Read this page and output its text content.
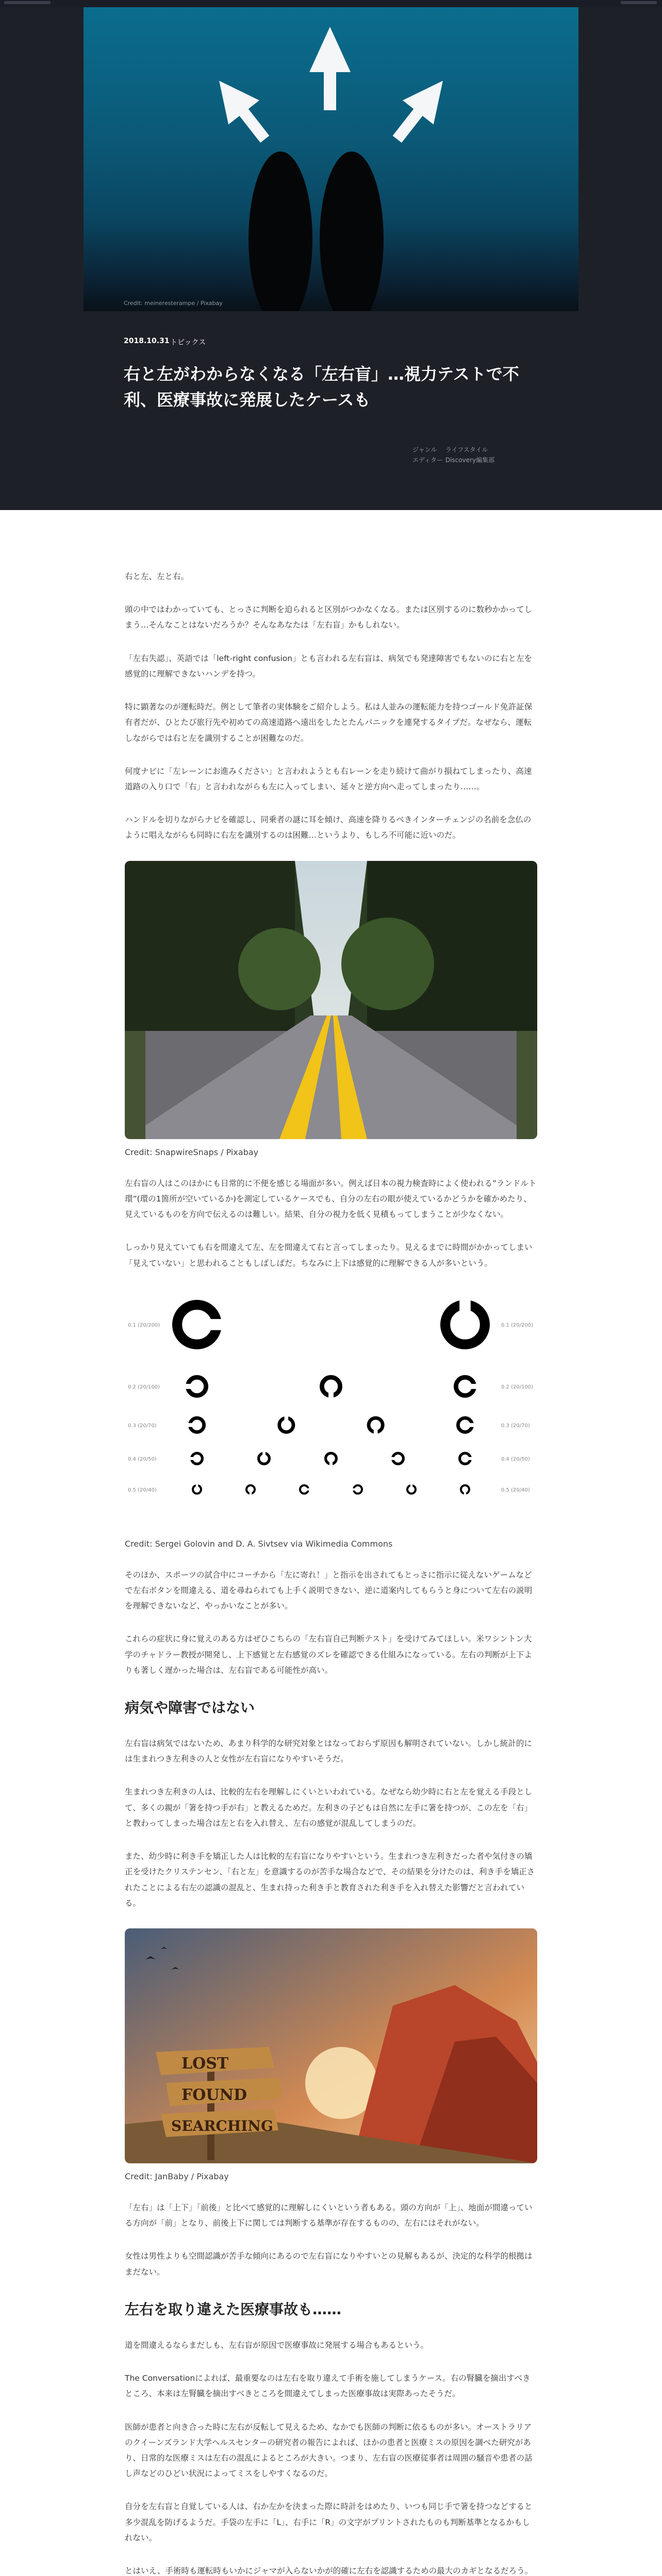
Credit: meineresterampe / Pixabay
2018.10.31 トピックス
右と左がわからなくなる「左右盲」…視力テストで不利、医療事故に発展したケースも
ジャンル ライフスタイル
エディター Discovery編集部

右と左、左と右。

頭の中ではわかっていても、とっさに判断を迫られると区別がつかなくなる。または区別するのに数秒かかってしまう…そんなことはないだろうか？そんなあなたは「左右盲」かもしれない。

「左右失認」、英語では「left-right confusion」とも言われる左右盲は、病気でも発達障害でもないのに右と左を感覚的に理解できないハンデを持つ。

特に顕著なのが運転時だ。例として筆者の実体験をご紹介しよう。私は人並みの運転能力を持つゴールド免許証保有者だが、ひとたび旅行先や初めての高速道路へ遠出をしたとたんパニックを連発するタイプだ。なぜなら、運転しながらでは右と左を識別することが困難なのだ。

何度ナビに「左レーンにお進みください」と言われようとも右レーンを走り続けて曲がり損ねてしまったり、高速道路の入り口で「右」と言われながらも左に入ってしまい、延々と逆方向へ走ってしまったり……。

ハンドルを切りながらナビを確認し、同乗者の謎に耳を傾け、高速を降りるべきインターチェンジの名前を念仏のように唱えながらも同時に右左を識別するのは困難…というより、もしろ不可能に近いのだ。

Credit: SnapwireSnaps / Pixabay

左右盲の人はこのほかにも日常的に不便を感じる場面が多い。例えば日本の視力検査時によく使われる”ランドルト環”(環の1箇所が空いているか)を測定しているケースでも、自分の左右の眼が使えているかどうかを確かめたり、見えているものを方向で伝えるのは難しい。結果、自分の視力を低く見積もってしまうことが少なくない。

しっかり見えていても右を間違えて左、左を間違えて右と言ってしまったり。見えるまでに時間がかかってしまい「見えていない」と思われることもしばしばだ。ちなみに上下は感覚的に理解できる人が多いという。

0.1 (20/200)	0.1 (20/200)
0.2 (20/100)	0.2 (20/100)
0.3 (20/70)	0.3 (20/70)
0.4 (20/50)	0.4 (20/50)
0.5 (20/40)	0.5 (20/40)
Credit: Sergei Golovin and D. A. Sivtsev via Wikimedia Commons

そのほか、スポーツの試合中にコーチから「左に寄れ！」と指示を出されてもとっさに指示に従えないゲームなどで左右ボタンを間違える、道を尋ねられても上手く説明できない、逆に道案内してもらうと身について左右の説明を理解できないなど、やっかいなことが多い。

これらの症状に身に覚えのある方はぜひこちらの「左右盲自己判断テスト」を受けてみてほしい。米ワシントン大学のチャドラー教授が開発し、上下感覚と左右感覚のズレを確認できる仕組みになっている。左右の判断が上下よりも著しく遅かった場合は、左右盲である可能性が高い。

病気や障害ではない

左右盲は病気ではないため、あまり科学的な研究対象とはなっておらず原因も解明されていない。しかし統計的には生まれつき左利きの人と女性が左右盲になりやすいそうだ。

生まれつき左利きの人は、比較的左右を理解しにくいといわれている。なぜなら幼少時に右と左を覚える手段として、多くの親が「箸を持つ手が右」と教えるためだ。左利きの子どもは自然に左手に箸を持つが、この左を「右」と教わってしまった場合は左と右を入れ替え、左右の感覚が混乱してしまうのだ。

また、幼少時に利き手を矯正した人は比較的左右盲になりやすいという。生まれつき左利きだった者や気付きの矯正を受けたクリステンセン、「右と左」を意識するのが苦手な場合などで、その結果を分けたのは、利き手を矯正されたことによる右左の認識の混乱と、生まれ持った利き手と教育された利き手を入れ替えた影響だと言われている。

LOST
FOUND
SEARCHING
Credit: JanBaby / Pixabay

「左右」は「上下」「前後」と比べて感覚的に理解しにくいという者もある。頭の方向が「上」、地面が間違っている方向が「前」となり、前後上下に関しては判断する基準が存在するものの、左右にはそれがない。

女性は男性よりも空間認識が苦手な傾向にあるので左右盲になりやすいとの見解もあるが、決定的な科学的根拠はまだない。

左右を取り違えた医療事故も……

道を間違えるならまだしも、左右盲が原因で医療事故に発展する場合もあるという。

The Conversationによれば、最重要なのは左右を取り違えて手術を施してしまうケース。右の腎臓を摘出すべきところ、本来は左腎臓を摘出すべきところを間違えてしまった医療事故は実際あったそうだ。

医師が患者と向き合った時に左右が反転して見えるため、なかでも医師の判断に依るものが多い。オーストラリアのクイーンズランド大学ヘルスセンターの研究者の報告によれば、ほかの患者と医療ミスの原因を調べた研究があり、日常的な医療ミスは左右の混乱によるところが大きい。つまり、左右盲の医療従事者は周囲の騒音や患者の話し声などのひどい状況によってミスをしやすくなるのだ。

自分を左右盲と自覚している人は、右か左かを決まった際に時計をはめたり、いつも同じ手で箸を持つなどすると多少混乱を防げるようだ。手袋の左手に「L」、右手に「R」の文字がプリントされたものも判断基準となるかもしれない。

とはいえ、手術時も運転時もいかにジャマが入らないかが的確に左右を認識するための最大のカギとなるだろう。
